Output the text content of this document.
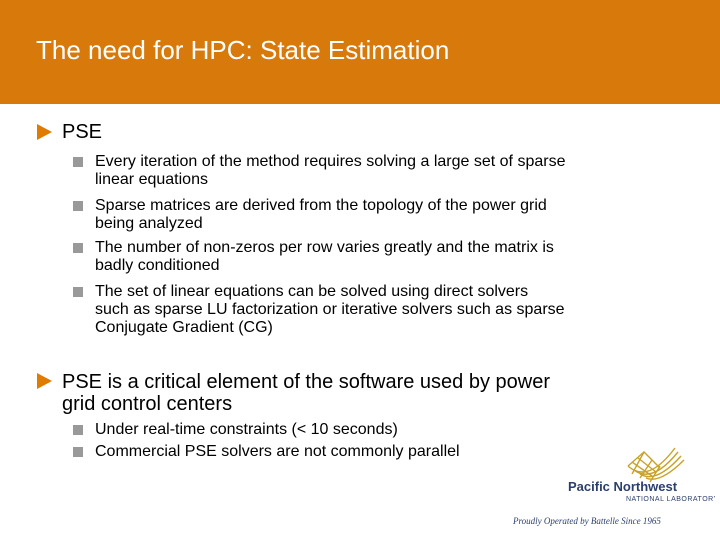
The need for HPC: State Estimation
PSE
Every iteration of the method requires solving a large set of sparse
linear equations
Sparse matrices are derived from the topology of the power grid
being analyzed
The number of non-zeros per row varies greatly and the matrix is
badly conditioned
The set of linear equations can be solved using direct solvers
such as sparse LU factorization or iterative solvers such as sparse
Conjugate Gradient (CG)
PSE is a critical element of the software used by power
grid control centers
Under real-time constraints (< 10 seconds)
Commercial PSE solvers are not commonly parallel
Pacific Northwest
NATIONAL LABORATORY
Proudly Operated by Battelle Since 1965
